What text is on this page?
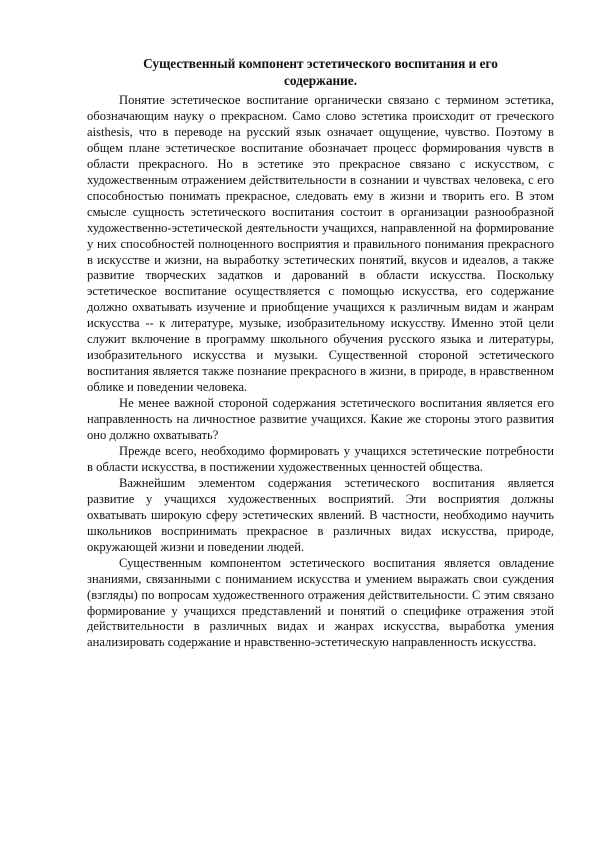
Существенный компонент эстетического воспитания и его содержание.

Понятие эстетическое воспитание органически связано с термином эстетика, обозначающим науку о прекрасном. Само слово эстетика происходит от греческого aisthesis, что в переводе на русский язык означает ощущение, чувство. Поэтому в общем плане эстетическое воспитание обозначает процесс формирования чувств в области прекрасного. Но в эстетике это прекрасное связано с искусством, с художественным отражением действительности в сознании и чувствах человека, с его способностью понимать прекрасное, следовать ему в жизни и творить его. В этом смысле сущность эстетического воспитания состоит в организации разнообразной художественно-эстетической деятельности учащихся, направленной на формирование у них способностей полноценного восприятия и правильного понимания прекрасного в искусстве и жизни, на выработку эстетических понятий, вкусов и идеалов, а также развитие творческих задатков и дарований в области искусства. Поскольку эстетическое воспитание осуществляется с помощью искусства, его содержание должно охватывать изучение и приобщение учащихся к различным видам и жанрам искусства -- к литературе, музыке, изобразительному искусству. Именно этой цели служит включение в программу школьного обучения русского языка и литературы, изобразительного искусства и музыки. Существенной стороной эстетического воспитания является также познание прекрасного в жизни, в природе, в нравственном облике и поведении человека.

Не менее важной стороной содержания эстетического воспитания является его направленность на личностное развитие учащихся. Какие же стороны этого развития оно должно охватывать?

Прежде всего, необходимо формировать у учащихся эстетические потребности в области искусства, в постижении художественных ценностей общества.

Важнейшим элементом содержания эстетического воспитания является развитие у учащихся художественных восприятий. Эти восприятия должны охватывать широкую сферу эстетических явлений. В частности, необходимо научить школьников воспринимать прекрасное в различных видах искусства, природе, окружающей жизни и поведении людей.

Существенным компонентом эстетического воспитания является овладение знаниями, связанными с пониманием искусства и умением выражать свои суждения (взгляды) по вопросам художественного отражения действительности. С этим связано формирование у учащихся представлений и понятий о специфике отражения этой действительности в различных видах и жанрах искусства, выработка умения анализировать содержание и нравственно-эстетическую направленность искусства.
